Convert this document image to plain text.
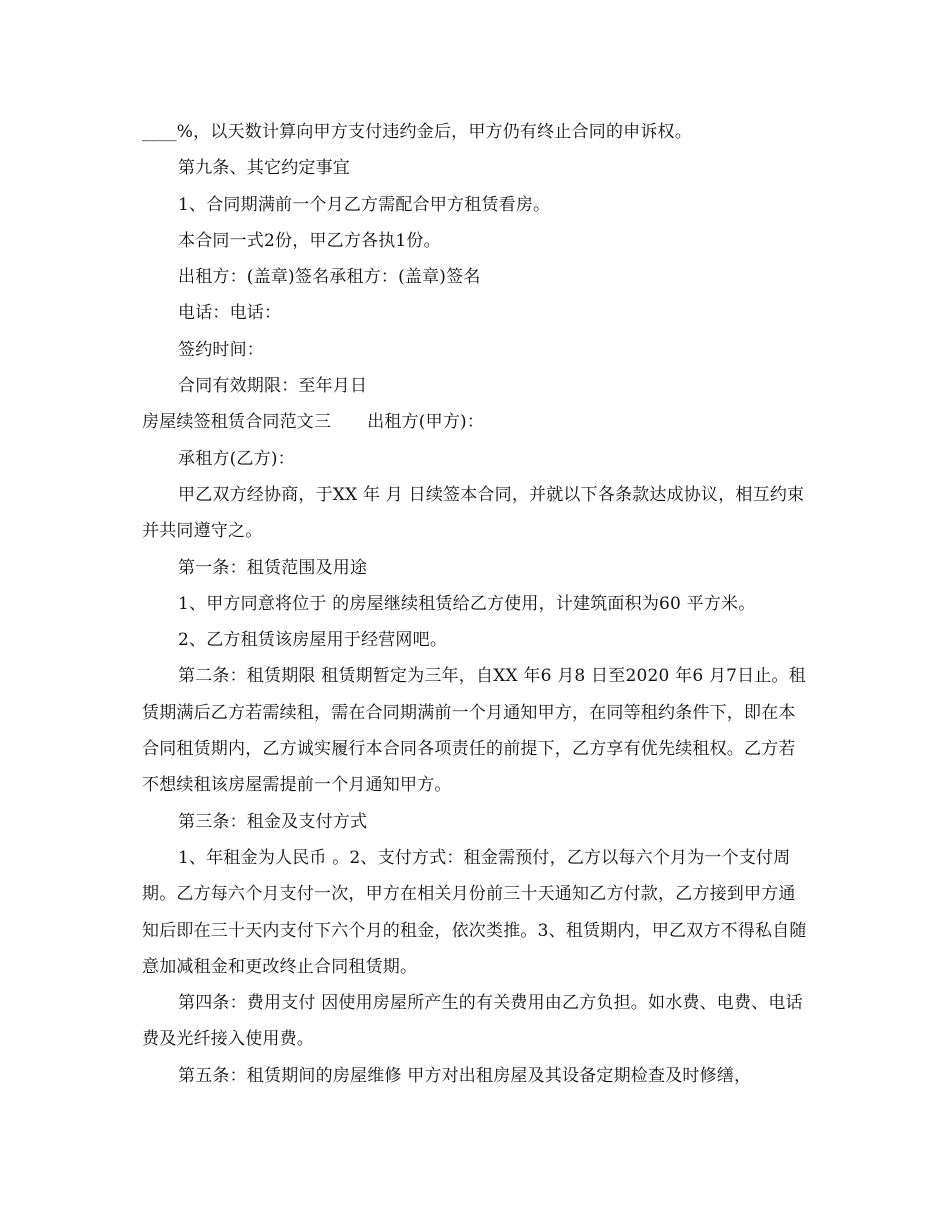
____%，以天数计算向甲方支付违约金后，甲方仍有终止合同的申诉权。

第九条、其它约定事宜

1、合同期满前一个月乙方需配合甲方租赁看房。

本合同一式2份，甲乙方各执1份。

出租方：(盖章)签名承租方：(盖章)签名

电话：电话：

签约时间：

合同有效期限：至年月日

房屋续签租赁合同范文三 出租方(甲方)：

承租方(乙方)：

甲乙双方经协商，于XX 年 月 日续签本合同，并就以下各条款达成协议，相互约束并共同遵守之。

第一条：租赁范围及用途

1、甲方同意将位于 的房屋继续租赁给乙方使用，计建筑面积为60 平方米。

2、乙方租赁该房屋用于经营网吧。

第二条：租赁期限 租赁期暂定为三年，自XX 年6 月8 日至2020 年6 月7日止。租赁期满后乙方若需续租，需在合同期满前一个月通知甲方，在同等租约条件下，即在本合同租赁期内，乙方诚实履行本合同各项责任的前提下，乙方享有优先续租权。乙方若不想续租该房屋需提前一个月通知甲方。

第三条：租金及支付方式

1、年租金为人民币 。2、支付方式：租金需预付，乙方以每六个月为一个支付周期。乙方每六个月支付一次，甲方在相关月份前三十天通知乙方付款，乙方接到甲方通知后即在三十天内支付下六个月的租金，依次类推。3、租赁期内，甲乙双方不得私自随意加减租金和更改终止合同租赁期。

第四条：费用支付 因使用房屋所产生的有关费用由乙方负担。如水费、电费、电话费及光纤接入使用费。

第五条：租赁期间的房屋维修 甲方对出租房屋及其设备定期检查及时修缮，
